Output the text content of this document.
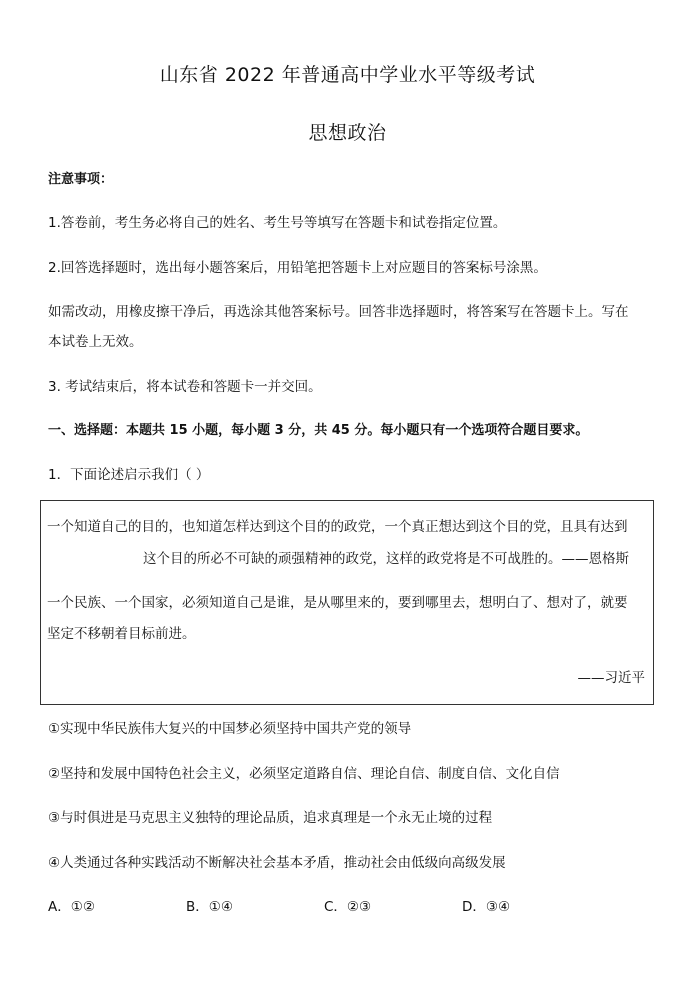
山东省 2022 年普通高中学业水平等级考试
思想政治
注意事项：
1.答卷前，考生务必将自己的姓名、考生号等填写在答题卡和试卷指定位置。
2.回答选择题时，选出每小题答案后，用铅笔把答题卡上对应题目的答案标号涂黑。
如需改动，用橡皮擦干净后，再选涂其他答案标号。回答非选择题时，将答案写在答题卡上。写在
本试卷上无效。
3. 考试结束后，将本试卷和答题卡一并交回。
一、选择题：本题共 15 小题，每小题 3 分，共 45 分。每小题只有一个选项符合题目要求。
1．下面论述启示我们（ ）
一个知道自己的目的，也知道怎样达到这个目的的政党，一个真正想达到这个目的党，且具有达到
这个目的所必不可缺的顽强精神的政党，这样的政党将是不可战胜的。——恩格斯
一个民族、一个国家，必须知道自己是谁，是从哪里来的，要到哪里去，想明白了、想对了，就要
坚定不移朝着目标前进。
——习近平
①实现中华民族伟大复兴的中国梦必须坚持中国共产党的领导
②坚持和发展中国特色社会主义，必须坚定道路自信、理论自信、制度自信、文化自信
③与时俱进是马克思主义独特的理论品质，追求真理是一个永无止境的过程
④人类通过各种实践活动不断解决社会基本矛盾，推动社会由低级向高级发展
A．①②	B．①④	C．②③	D．③④
